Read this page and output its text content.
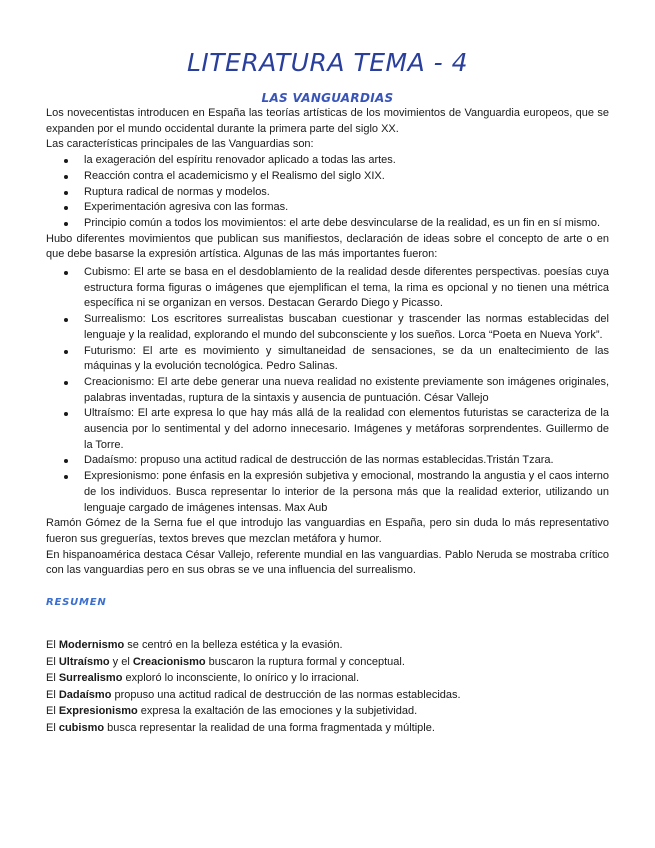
LITERATURA TEMA - 4
LAS VANGUARDIAS

Los novecentistas introducen en España las teorías artísticas de los movimientos de Vanguardia europeos, que se expanden por el mundo occidental durante la primera parte del siglo XX.

Las características principales de las Vanguardias son:

la exageración del espíritu renovador aplicado a todas las artes.
Reacción contra el academicismo y el Realismo del siglo XIX.
Ruptura radical de normas y modelos.
Experimentación agresiva con las formas.
Principio común a todos los movimientos: el arte debe desvincularse de la realidad, es un fin en sí mismo.

Hubo diferentes movimientos que publican sus manifiestos, declaración de ideas sobre el concepto de arte o en que debe basarse la expresión artística. Algunas de las más importantes fueron:

Cubismo: El arte se basa en el desdoblamiento de la realidad desde diferentes perspectivas. poesías cuya estructura forma figuras o imágenes que ejemplifican el tema, la rima es opcional y no tienen una métrica específica ni se organizan en versos. Destacan Gerardo Diego y Picasso.
Surrealismo: Los escritores surrealistas buscaban cuestionar y trascender las normas establecidas del lenguaje y la realidad, explorando el mundo del subconsciente y los sueños. Lorca “Poeta en Nueva York”.
Futurismo: El arte es movimiento y simultaneidad de sensaciones, se da un enaltecimiento de las máquinas y la evolución tecnológica. Pedro Salinas.
Creacionismo: El arte debe generar una nueva realidad no existente previamente son imágenes originales, palabras inventadas, ruptura de la sintaxis y ausencia de puntuación. César Vallejo
Ultraísmo: El arte expresa lo que hay más allá de la realidad con elementos futuristas se caracteriza de la ausencia por lo sentimental y del adorno innecesario. Imágenes y metáforas sorprendentes. Guillermo de la Torre.
Dadaísmo: propuso una actitud radical de destrucción de las normas establecidas.Tristán Tzara.
Expresionismo: pone énfasis en la expresión subjetiva y emocional, mostrando la angustia y el caos interno de los individuos. Busca representar lo interior de la persona más que la realidad exterior, utilizando un lenguaje cargado de imágenes intensas. Max Aub

Ramón Gómez de la Serna fue el que introdujo las vanguardias en España, pero sin duda lo más representativo fueron sus greguerías, textos breves que mezclan metáfora y humor.

En hispanoamérica destaca César Vallejo, referente mundial en las vanguardias. Pablo Neruda se mostraba crítico con las vanguardias pero en sus obras se ve una influencia del surrealismo.

RESUMEN

El Modernismo se centró en la belleza estética y la evasión.

El Ultraísmo y el Creacionismo buscaron la ruptura formal y conceptual.

El Surrealismo exploró lo inconsciente, lo onírico y lo irracional.

El Dadaísmo propuso una actitud radical de destrucción de las normas establecidas.

El Expresionismo expresa la exaltación de las emociones y la subjetividad.

El cubismo busca representar la realidad de una forma fragmentada y múltiple.
